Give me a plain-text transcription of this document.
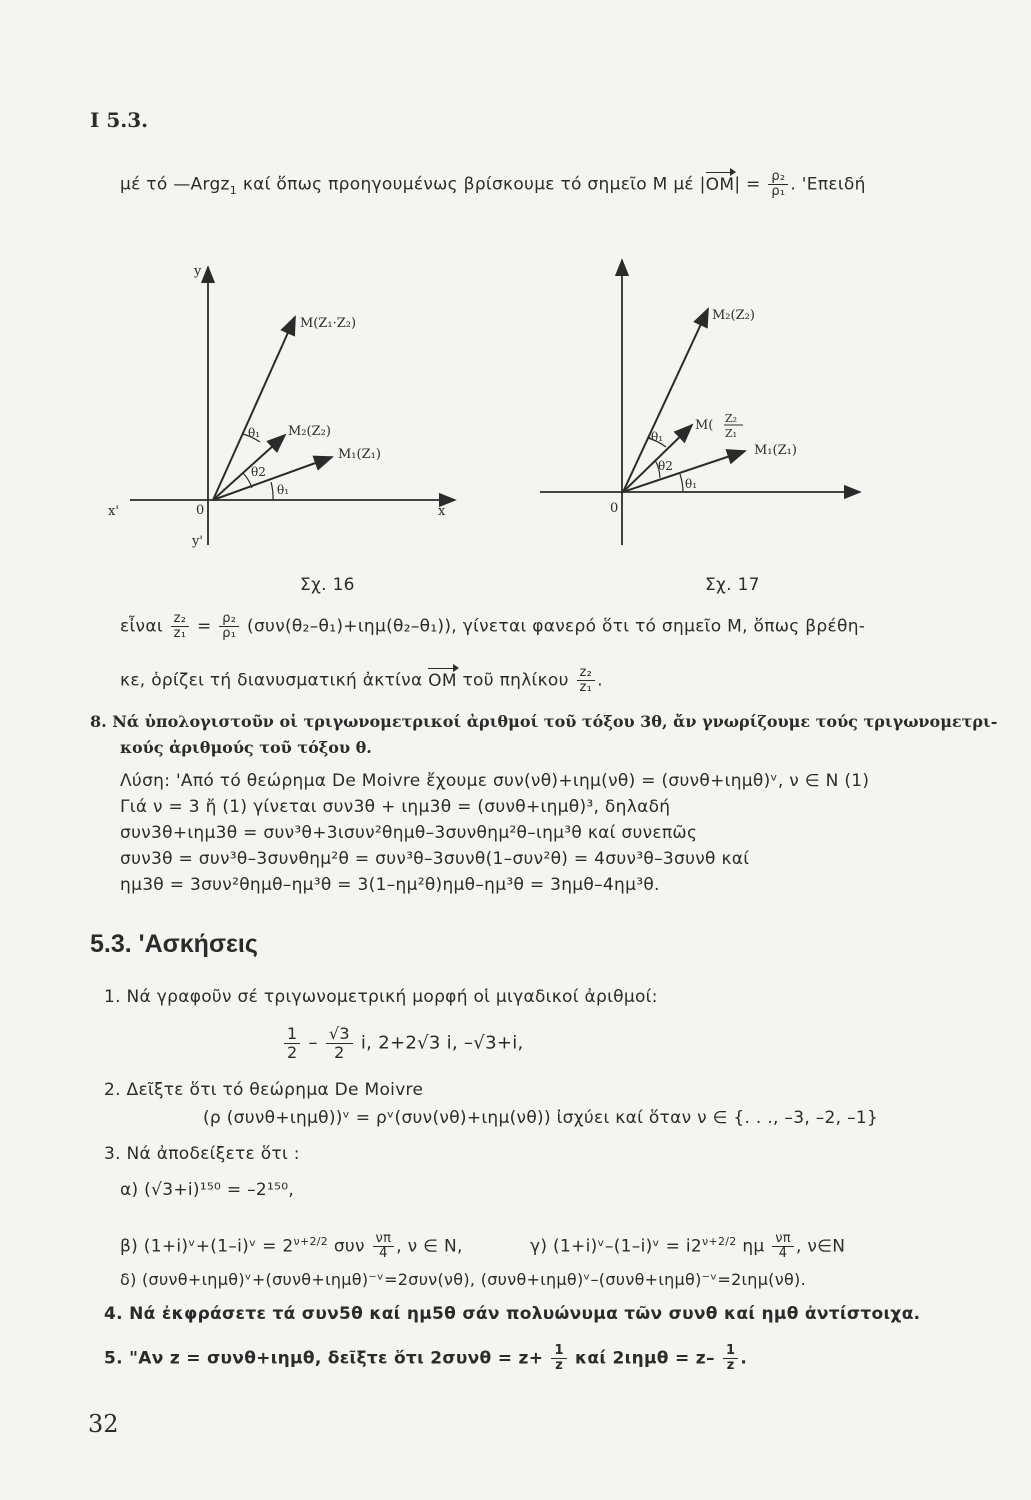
I 5.3.
μέ τό —Argz$_1$ καί ὅπως προηγουμένως βρίσκουμε τό σημεῖο Μ μέ $|OM| = \frac{\text{ρ₂}}{\text{ρ₁}}$ . 'Επειδή
y
y'
x
x'	0
M(Z₁·Z₂)
M₂(Z₂)
M₁(Z₁)
θ₁
θ2
θ₁
0
M₂(Z₂)
M( Z₂
Z₁
M₁(Z₁)
-θ₁
θ2
θ₁
Σχ. 16	Σχ. 17
εἶναι $\frac{\text{z₂}}{\text{z₁}} = \frac{\text{ρ₂}}{\text{ρ₁}} (\sigma\upsilon\nu(\theta_2-\theta_1)+\iota\eta\mu(\theta_2-\theta_1))$, γίνεται φανερό ὅτι τό σημεῖο Μ, ὅπως βρέθη-
κε, ὁρίζει τή διανυσματική ἀκτίνα OM τοῦ πηλίκου $\frac{\text{z₂}}{\text{z₁}}$ .
8. Νά ὑπολογιστοῦν οἱ τριγωνομετρικοί ἀριθμοί τοῦ τόξου 3θ, ἄν γνωρίζουμε τούς τριγωνομετρι-
κούς ἀριθμούς τοῦ τόξου θ.
Λύση: 'Από τό θεώρημα De Moivre ἔχουμε συν(νθ)+ιημ(νθ) = (συνθ+ιημθ)ᵛ, ν ∈ N (1)
Γιά ν = 3 ἤ (1) γίνεται συν3θ + ιημ3θ = (συνθ+ιημθ)³, δηλαδή
συν3θ+ιημ3θ = συν³θ+3ισυν²θημθ–3συνθημ²θ–ιημ³θ καί συνεπῶς
συν3θ = συν³θ–3συνθημ²θ = συν³θ–3συνθ(1–συν²θ) = 4συν³θ–3συνθ καί
ημ3θ = 3συν²θημθ–ημ³θ = 3(1–ημ²θ)ημθ–ημ³θ = 3ημθ–4ημ³θ.
5.3. 'Ασκήσεις
1. Νά γραφοῦν σέ τριγωνομετρική μορφή οἱ μιγαδικοί ἀριθμοί:
$\frac{1}{2} - \frac{√3}{2} i$, 2+2√3 i, –√3+i,
2. Δεῖξτε ὅτι τό θεώρημα De Moivre
(ρ (συνθ+ιημθ))ᵛ = ρᵛ(συν(νθ)+ιημ(νθ)) ἰσχύει καί ὅταν ν ∈ {. . ., –3, –2, –1}
3. Νά ἀποδείξετε ὅτι :
α) (√3+i)¹⁵⁰ = –2¹⁵⁰,
β) (1+i)ᵛ+(1–i)ᵛ = $2^{\nu+2/2}$ συν $\frac{\nu\pi}{4}$ , ν ∈ N,	γ) (1+i)ᵛ–(1–i)ᵛ = $i2^{\nu+2/2}$ ημ $\frac{\nu\pi}{4}$ , ν∈N
δ) (συνθ+ιημθ)ᵛ+(συνθ+ιημθ)⁻ᵛ=2συν(νθ), (συνθ+ιημθ)ᵛ–(συνθ+ιημθ)⁻ᵛ=2ιημ(νθ).
4. Νά ἐκφράσετε τά συν5θ καί ημ5θ σάν πολυώνυμα τῶν συνθ καί ημθ ἀντίστοιχα.
5. "Αν z = συνθ+ιημθ, δεῖξτε ὅτι $2\sigma\upsilon\nu\theta = z+ \frac{1}{z}$ καί $2\iota\eta\mu\theta = z- \frac{1}{z}$ .
32
